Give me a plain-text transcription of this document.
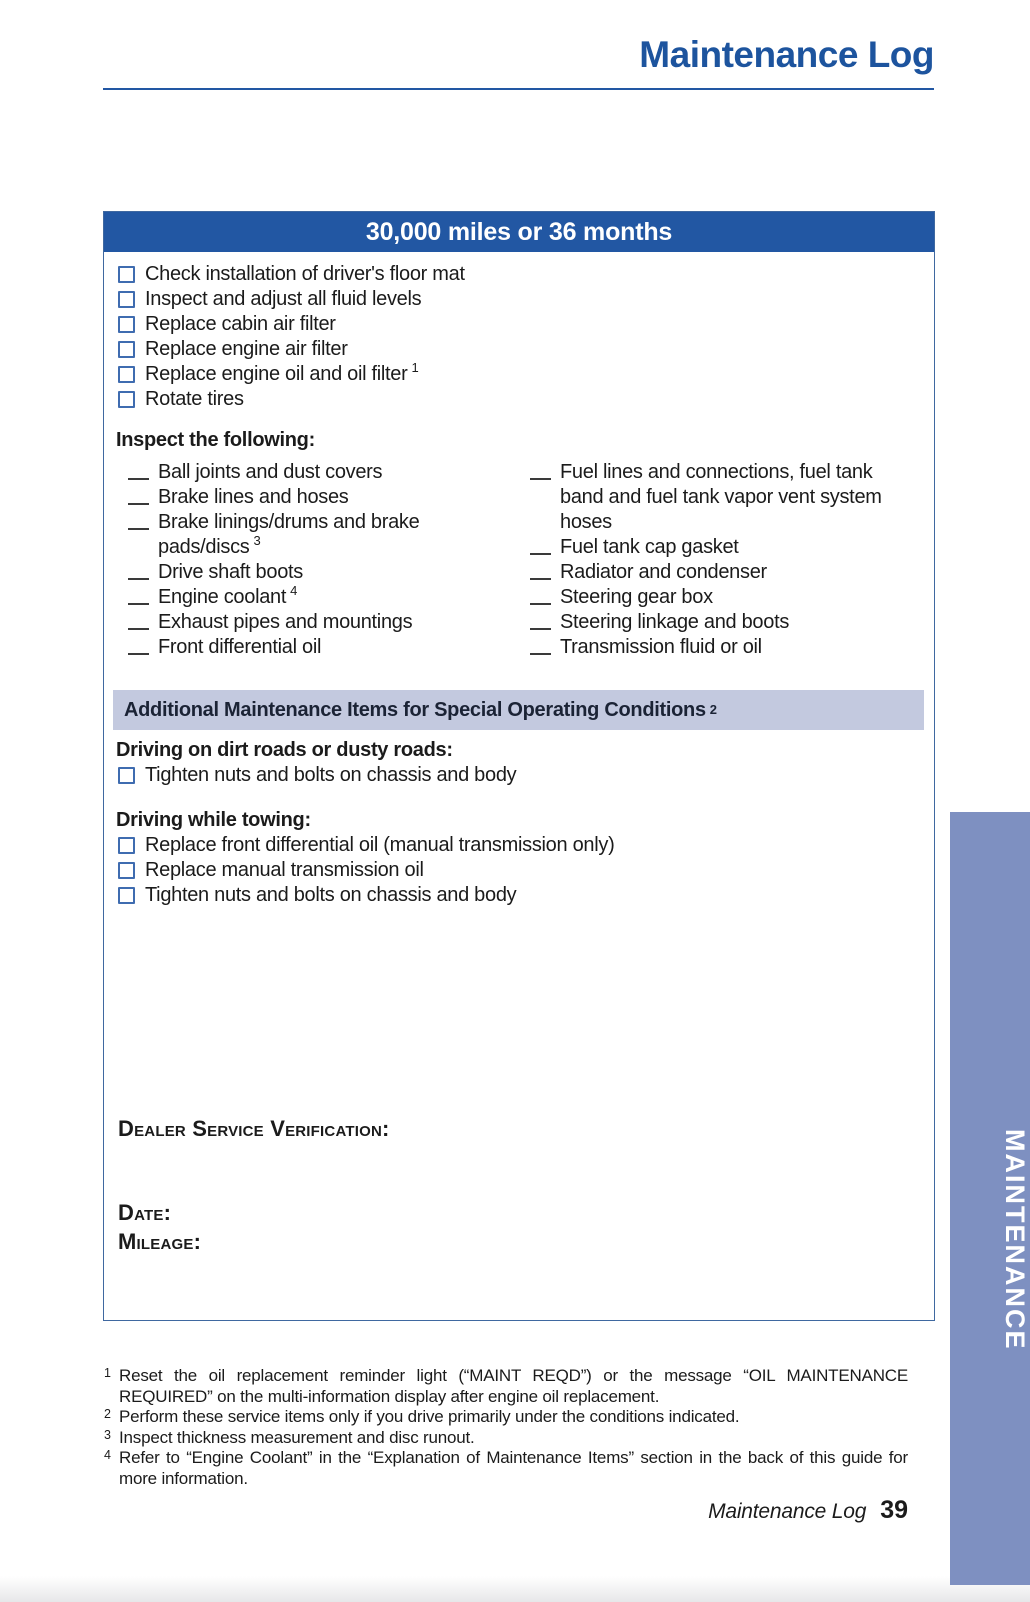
Maintenance Log
30,000 miles or 36 months
Check installation of driver's floor mat
Inspect and adjust all fluid levels
Replace cabin air filter
Replace engine air filter
Replace engine oil and oil filter $^1$
Rotate tires
Inspect the following:
Ball joints and dust covers
Brake lines and hoses
Brake linings/drums and brake pads/discs $^3$
Drive shaft boots
Engine coolant $^4$
Exhaust pipes and mountings
Front differential oil
Fuel lines and connections, fuel tank band and fuel tank vapor vent system hoses
Fuel tank cap gasket
Radiator and condenser
Steering gear box
Steering linkage and boots
Transmission fluid or oil
Additional Maintenance Items for Special Operating Conditions 2
Driving on dirt roads or dusty roads:
Tighten nuts and bolts on chassis and body
Driving while towing:
Replace front differential oil (manual transmission only)
Replace manual transmission oil
Tighten nuts and bolts on chassis and body
Dealer Service Verification:
Date:
Mileage:	MAINTENANCE
1 Reset the oil replacement reminder light (“MAINT REQD”) or the message “OIL MAINTENANCE REQUIRED” on the multi-information display after engine oil replacement.
2 Perform these service items only if you drive primarily under the conditions indicated.
3 Inspect thickness measurement and disc runout.
4 Refer to “Engine Coolant” in the “Explanation of Maintenance Items” section in the back of this guide for more information.
Maintenance Log 39
